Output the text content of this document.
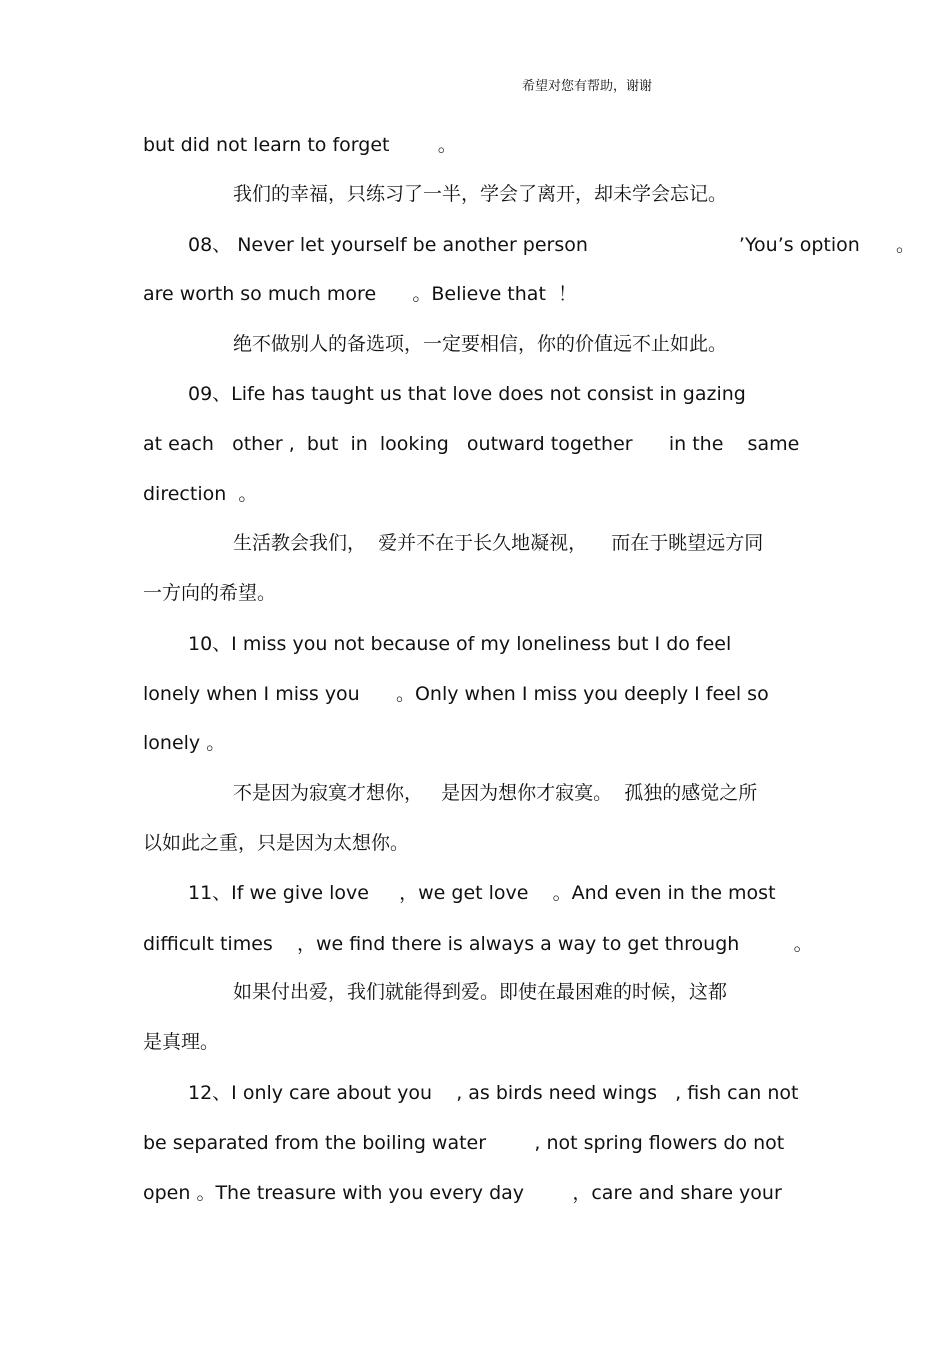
希望对您有帮助，谢谢
but did not learn to forget        。
我们的幸福，只练习了一半，学会了离开，却未学会忘记。
08、 Never let yourself be another person                         ’You’s option      。
are worth so much more      。Believe that  ！
绝不做别人的备选项，一定要相信，你的价值远不止如此。
09、Life has taught us that love does not consist in gazing
at each   other ,  but  in  looking   outward together      in the    same
direction  。
生活教会我们，  爱并不在于长久地凝视，    而在于眺望远方同
一方向的希望。
10、I miss you not because of my loneliness but I do feel
lonely when I miss you      。Only when I miss you deeply I feel so
lonely 。
不是因为寂寞才想你，   是因为想你才寂寞。  孤独的感觉之所
以如此之重，只是因为太想你。
11、If we give love     ，we get love    。And even in the most
difficult times    ，we find there is always a way to get through         。
如果付出爱，我们就能得到爱。即使在最困难的时候，这都
是真理。
12、I only care about you    , as birds need wings   , fish can not
be separated from the boiling water        , not spring flowers do not
open 。The treasure with you every day        ，care and share your
